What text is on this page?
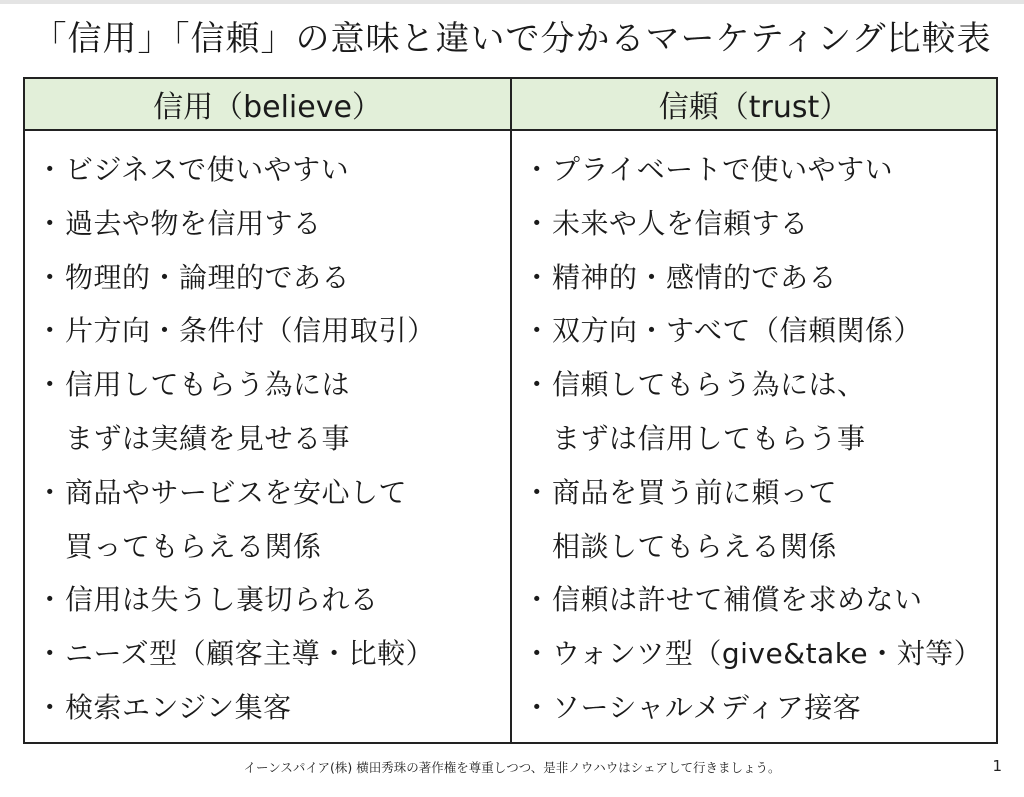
「信用」「信頼」の意味と違いで分かるマーケティング比較表
信用（believe）	信頼（trust）
・ビジネスで使いやすい
・過去や物を信用する
・物理的・論理的である
・片方向・条件付（信用取引）
・信用してもらう為には
まずは実績を見せる事
・商品やサービスを安心して
買ってもらえる関係
・信用は失うし裏切られる
・ニーズ型（顧客主導・比較）
・検索エンジン集客
・プライベートで使いやすい
・未来や人を信頼する
・精神的・感情的である
・双方向・すべて（信頼関係）
・信頼してもらう為には、
まずは信用してもらう事
・商品を買う前に頼って
相談してもらえる関係
・信頼は許せて補償を求めない
・ウォンツ型（give&take・対等）
・ソーシャルメディア接客
イーンスパイア(株) 横田秀珠の著作権を尊重しつつ、是非ノウハウはシェアして行きましょう。	1
